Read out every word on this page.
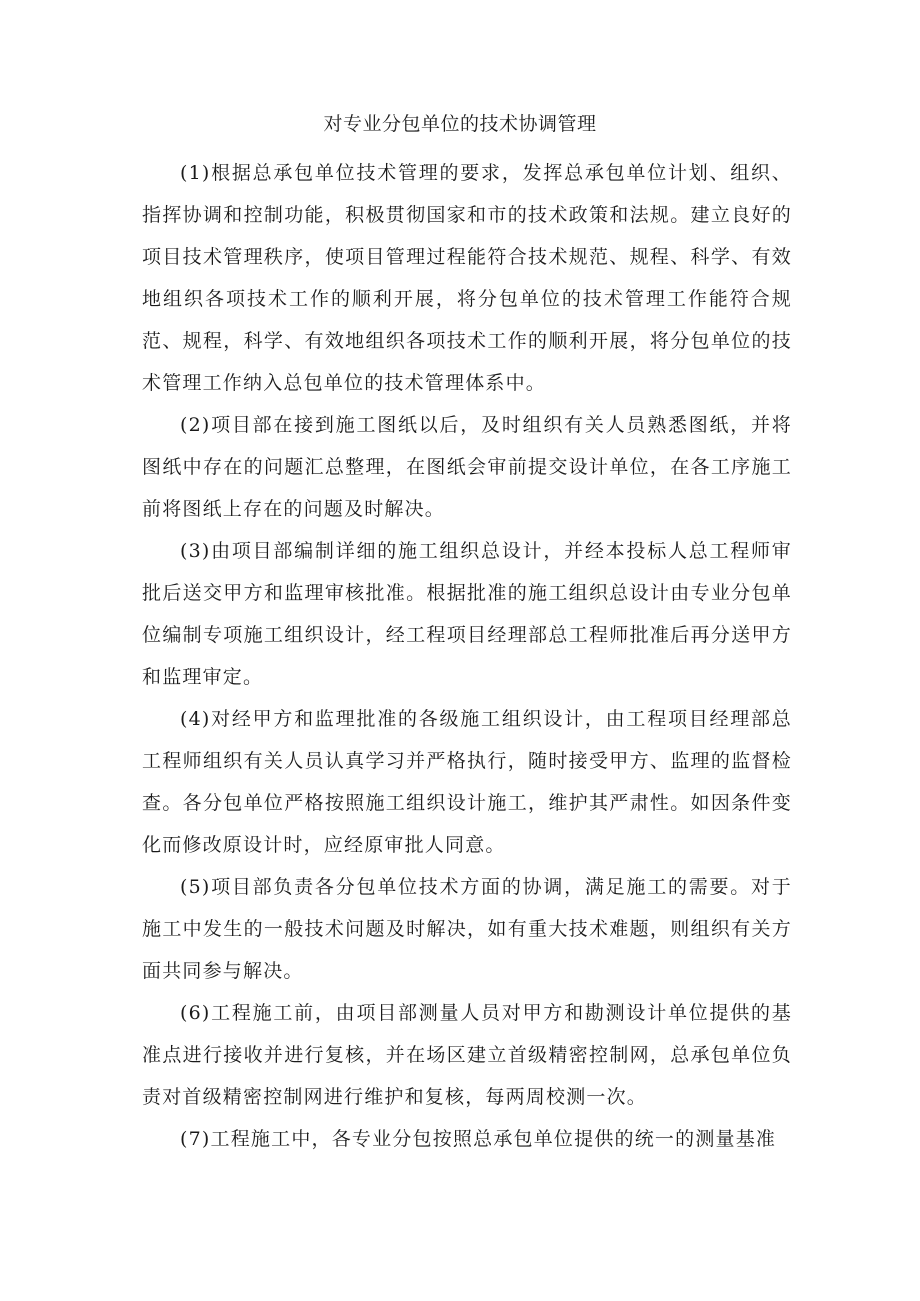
对专业分包单位的技术协调管理

(1)根据总承包单位技术管理的要求，发挥总承包单位计划、组织、指挥协调和控制功能，积极贯彻国家和市的技术政策和法规。建立良好的项目技术管理秩序，使项目管理过程能符合技术规范、规程、科学、有效地组织各项技术工作的顺利开展，将分包单位的技术管理工作能符合规范、规程，科学、有效地组织各项技术工作的顺利开展，将分包单位的技术管理工作纳入总包单位的技术管理体系中。

(2)项目部在接到施工图纸以后，及时组织有关人员熟悉图纸，并将图纸中存在的问题汇总整理，在图纸会审前提交设计单位，在各工序施工前将图纸上存在的问题及时解决。

(3)由项目部编制详细的施工组织总设计，并经本投标人总工程师审批后送交甲方和监理审核批准。根据批准的施工组织总设计由专业分包单位编制专项施工组织设计，经工程项目经理部总工程师批准后再分送甲方和监理审定。

(4)对经甲方和监理批准的各级施工组织设计，由工程项目经理部总工程师组织有关人员认真学习并严格执行，随时接受甲方、监理的监督检查。各分包单位严格按照施工组织设计施工，维护其严肃性。如因条件变化而修改原设计时，应经原审批人同意。

(5)项目部负责各分包单位技术方面的协调，满足施工的需要。对于施工中发生的一般技术问题及时解决，如有重大技术难题，则组织有关方面共同参与解决。

(6)工程施工前，由项目部测量人员对甲方和勘测设计单位提供的基准点进行接收并进行复核，并在场区建立首级精密控制网，总承包单位负责对首级精密控制网进行维护和复核，每两周校测一次。

(7)工程施工中，各专业分包按照总承包单位提供的统一的测量基准
